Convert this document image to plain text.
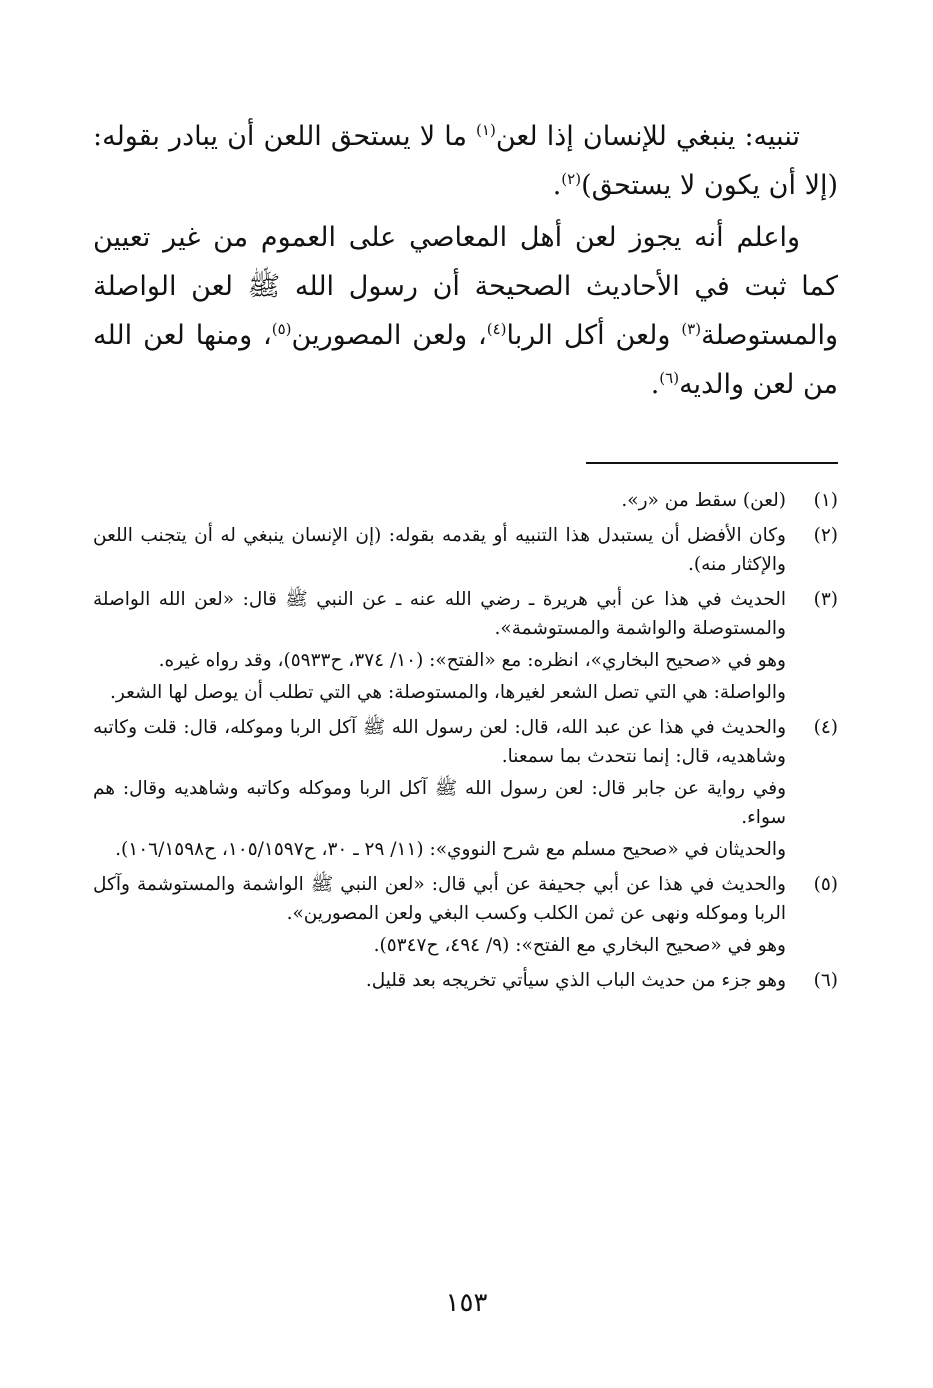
تنبيه: ينبغي للإنسان إذا لعن$^{(١)}$ ما لا يستحق اللعن أن يبادر بقوله: (إلا أن يكون لا يستحق)$^{(٢)}$.

واعلم أنه يجوز لعن أهل المعاصي على العموم من غير تعيين كما ثبت في الأحاديث الصحيحة أن رسول الله ﷺ لعن الواصلة والمستوصلة$^{(٣)}$ ولعن أكل الربا$^{(٤)}$، ولعن المصورين$^{(٥)}$، ومنها لعن الله من لعن والديه$^{(٦)}$.

(١)

(لعن) سقط من «ر».

(٢)

وكان الأفضل أن يستبدل هذا التنبيه أو يقدمه بقوله: (إن الإنسان ينبغي له أن يتجنب اللعن والإكثار منه).

(٣)

الحديث في هذا عن أبي هريرة ـ رضي الله عنه ـ عن النبي ﷺ قال: «لعن الله الواصلة والمستوصلة والواشمة والمستوشمة».

وهو في «صحيح البخاري»، انظره: مع «الفتح»: (١٠/ ٣٧٤، ح٥٩٣٣)، وقد رواه غيره.

والواصلة: هي التي تصل الشعر لغيرها، والمستوصلة: هي التي تطلب أن يوصل لها الشعر.

(٤)

والحديث في هذا عن عبد الله، قال: لعن رسول الله ﷺ آكل الربا وموكله، قال: قلت وكاتبه وشاهديه، قال: إنما نتحدث بما سمعنا.

وفي رواية عن جابر قال: لعن رسول الله ﷺ آكل الربا وموكله وكاتبه وشاهديه وقال: هم سواء.

والحديثان في «صحيح مسلم مع شرح النووي»: (١١/ ٢٩ ـ ٣٠، ح١٠٥/١٥٩٧، ح١٠٦/١٥٩٨).

(٥)

والحديث في هذا عن أبي جحيفة عن أبي قال: «لعن النبي ﷺ الواشمة والمستوشمة وآكل الربا وموكله ونهى عن ثمن الكلب وكسب البغي ولعن المصورين».

وهو في «صحيح البخاري مع الفتح»: (٩/ ٤٩٤، ح٥٣٤٧).

(٦)

وهو جزء من حديث الباب الذي سيأتي تخريجه بعد قليل.

١٥٣
